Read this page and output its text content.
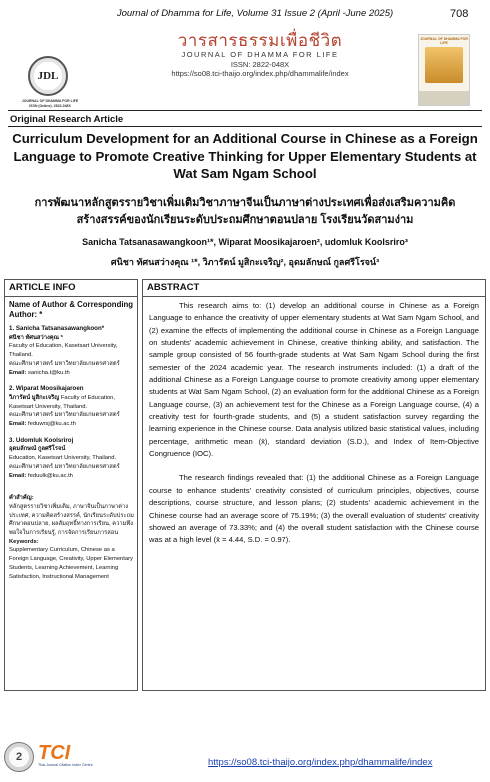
Journal of Dhamma for Life, Volume 31 Issue 2 (April -June 2025)	708
JDL
JOURNAL OF DHAMMA FOR LIFE ISSN (Online): 2822-048X
วารสารธรรมเพื่อชีวิต
JOURNAL OF DHAMMA FOR LIFE
ISSN: 2822-048X
https://so08.tci-thaijo.org/index.php/dhammalife/index
JOURNAL OF DHAMMA FOR LIFE
Original Research Article
Curriculum Development for an Additional Course in Chinese as a Foreign Language to Promote Creative Thinking for Upper Elementary Students at Wat Sam Ngam School
การพัฒนาหลักสูตรรายวิชาเพิ่มเติมวิชาภาษาจีนเป็นภาษาต่างประเทศเพื่อส่งเสริมความคิดสร้างสรรค์ของนักเรียนระดับประถมศึกษาตอนปลาย โรงเรียนวัดสามง่าม
Sanicha Tatsanasawangkoon¹*, Wiparat Moosikajaroen², udomluk Koolsriro³
ศนิชา ทัศนสว่างคุณ ¹*, วิภารัตน์ มูสิกะเจริญ², อุดมลักษณ์ กูลศรีโรจน์³
ARTICLE INFO
Name of Author & Corresponding Author: *
1. Sanicha Tatsanasawangkoon*
ศนิชา ทัศนสว่างคุณ *
Faculty of Education, Kasetsart University, Thailand.
คณะศึกษาศาสตร์ มหาวิทยาลัยเกษตรศาสตร์
Email: sanicha.t@ku.th
2. Wiparat Moosikajaroen
วิภารัตน์ มูสิกะเจริญ Faculty of Education, Kasetsart University, Thailand.
คณะศึกษาศาสตร์ มหาวิทยาลัยเกษตรศาสตร์
Email: feduwrsj@ku.ac.th
3. Udomluk Koolsriroj
อุดมลักษณ์ กูลศรีโรจน์
Education, Kasetsart University, Thailand.
คณะศึกษาศาสตร์ มหาวิทยาลัยเกษตรศาสตร์
Email: feduulk@ku.ac.th
คำสำคัญ:
หลักสูตรรายวิชาเพิ่มเติม, ภาษาจีนเป็นภาษาต่างประเทศ, ความคิดสร้างสรรค์, นักเรียนระดับประถมศึกษาตอนปลาย, ผลสัมฤทธิ์ทางการเรียน, ความพึงพอใจในการเรียนรู้, การจัดการเรียนการสอน
Keywords:
Supplementary Curriculum, Chinese as a Foreign Language, Creativity, Upper Elementary Students, Learning Achievement, Learning Satisfaction, Instructional Management
ABSTRACT

This research aims to: (1) develop an additional course in Chinese as a Foreign Language to enhance the creativity of upper elementary students at Wat Sam Ngam School, and (2) examine the effects of implementing the additional course in Chinese as a Foreign Language on students' academic achievement in Chinese, creative thinking ability, and satisfaction. The sample group consisted of 56 fourth-grade students at Wat Sam Ngam School during the first semester of the 2024 academic year. The research instruments included: (1) a draft of the additional Chinese as a Foreign Language course to promote creativity among upper elementary students at Wat Sam Ngam School, (2) an evaluation form for the additional Chinese as a Foreign Language course, (3) an achievement test for the Chinese as a Foreign Language course, (4) a creativity test for fourth-grade students, and (5) a student satisfaction survey regarding the learning experience in the Chinese course. Data analysis utilized basic statistical values, including percentage, arithmetic mean (x̄), standard deviation (S.D.), and Index of Item-Objective Congruence (IOC).

The research findings revealed that: (1) the additional Chinese as a Foreign Language course to enhance students' creativity consisted of curriculum principles, objectives, course descriptions, course structure, and lesson plans; (2) students' academic achievement in the Chinese course had an average score of 75.19%; (3) the overall evaluation of students' creativity showed an average of 73.33%; and (4) the overall student satisfaction with the Chinese course was at a high level (x̄ = 4.44, S.D. = 0.97).

2 TCI
Thai-Journal Citation Index Centre	https://so08.tci-thaijo.org/index.php/dhammalife/index
